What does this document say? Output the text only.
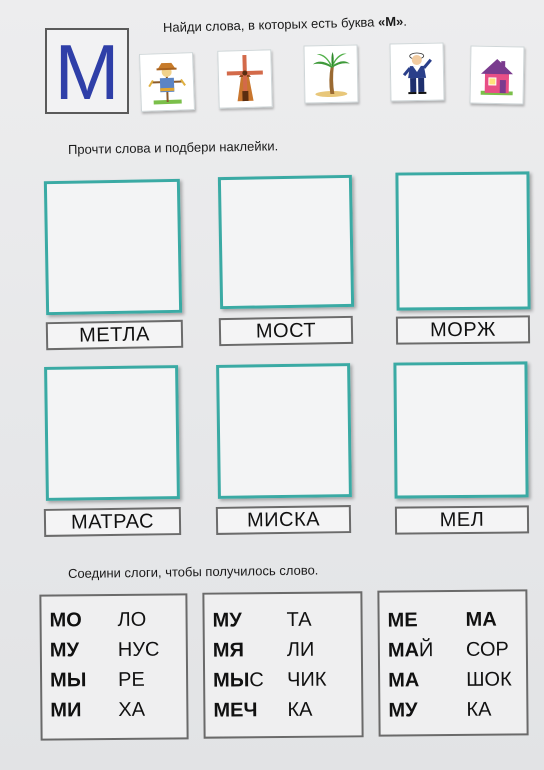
М
Найди слова, в которых есть буква «М».
Прочти слова и подбери наклейки.
МЕТЛА	МОСТ	МОРЖ
МАТРАС	МИСКА	МЕЛ
Соедини слоги, чтобы получилось слово.
МО ЛО
МУ НУС
МЫ РЕ
МИ ХА
МУ ТА
МЯ ЛИ
МЫС ЧИК
МЕЧ КА
МЕ МА
МАЙ СОР
МА ШОК
МУ КА
